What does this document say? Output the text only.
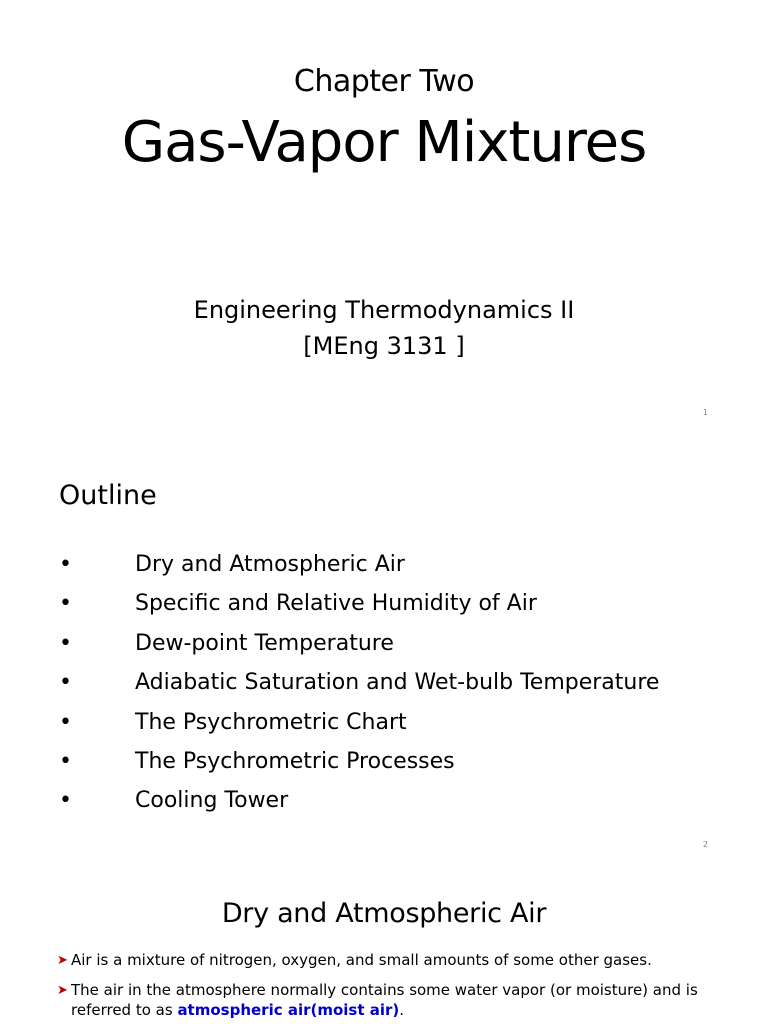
Chapter Two
Gas-Vapor Mixtures
Engineering Thermodynamics II
[MEng 3131 ]
1
Outline
•	Dry and Atmospheric Air
•	Specific and Relative Humidity of Air
•	Dew-point Temperature
•	Adiabatic Saturation and Wet-bulb Temperature
•	The Psychrometric Chart
•	The Psychrometric Processes
•	Cooling Tower
2
Dry and Atmospheric Air
➤ Air is a mixture of nitrogen, oxygen, and small amounts of some other gases.
➤ The air in the atmosphere normally contains some water vapor (or moisture) and is referred to as atmospheric air(moist air).
